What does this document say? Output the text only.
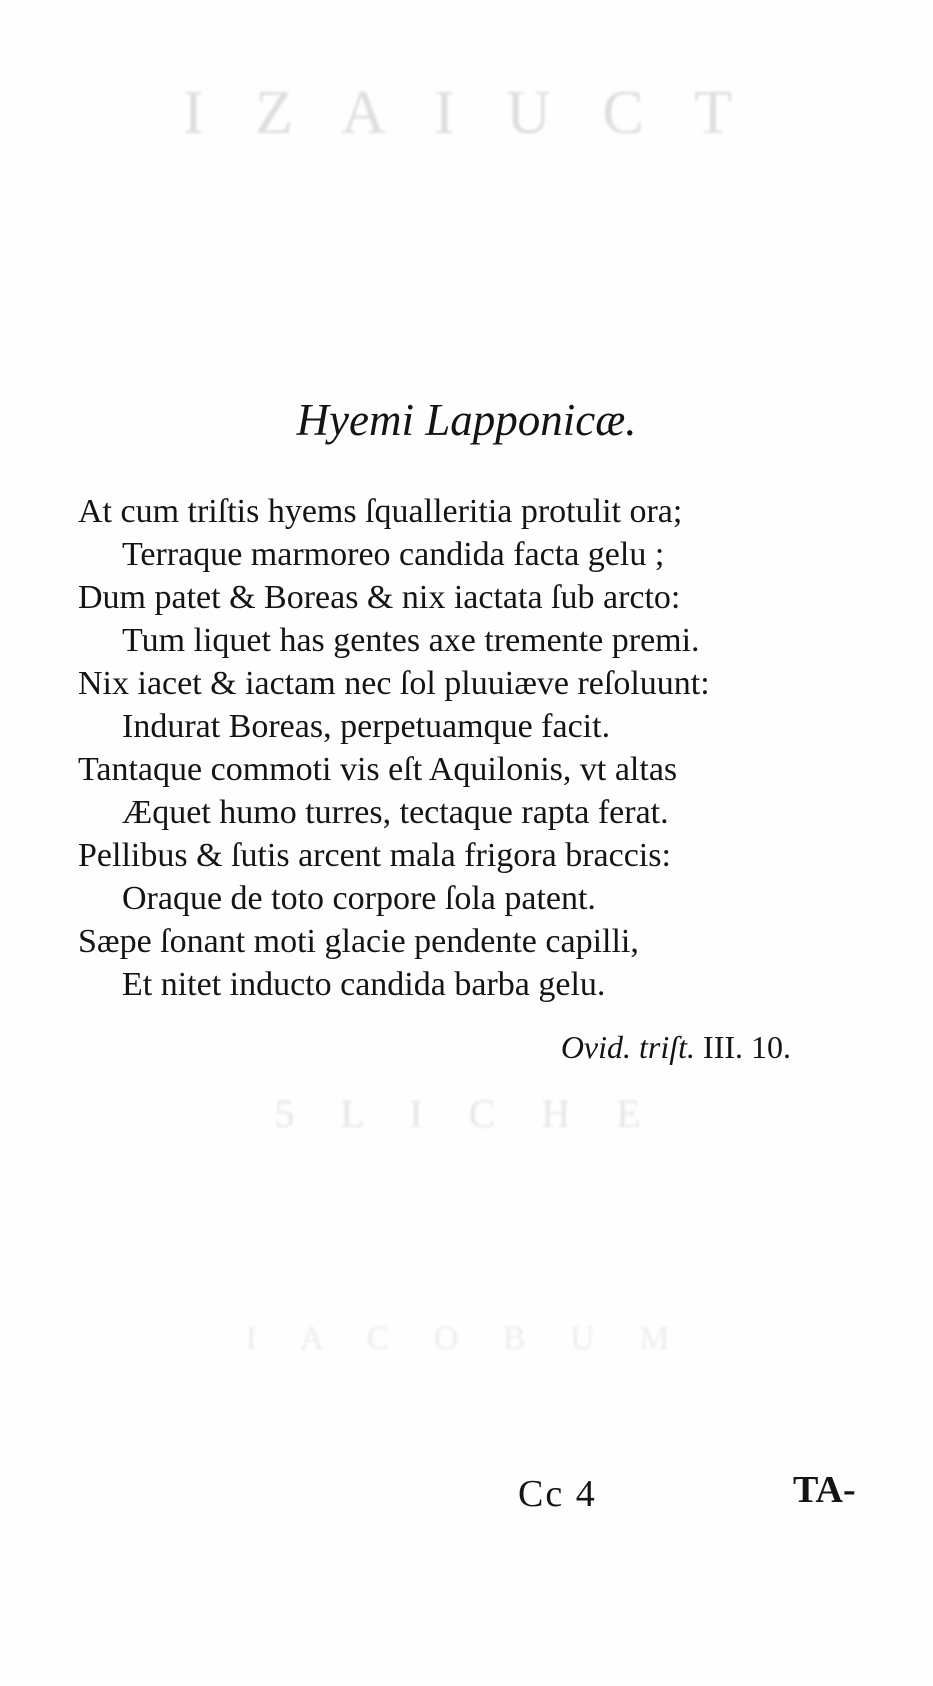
I Z A I U C T
5 L I C H E
I A C O B U M
Hyemi Lapponicæ.
At cum triſtis hyems ſqualleritia protulit ora;
Terraque marmoreo candida facta gelu ;
Dum patet & Boreas & nix iactata ſub arcto:
Tum liquet has gentes axe tremente premi.
Nix iacet & iactam nec ſol pluuiæve reſoluunt:
Indurat Boreas, perpetuamque facit.
Tantaque commoti vis eſt Aquilonis, vt altas
Æquet humo turres, tectaque rapta ferat.
Pellibus & ſutis arcent mala frigora braccis:
Oraque de toto corpore ſola patent.
Sæpe ſonant moti glacie pendente capilli,
Et nitet inducto candida barba gelu.
Ovid. triſt. III. 10.
Cc 4	TA-
